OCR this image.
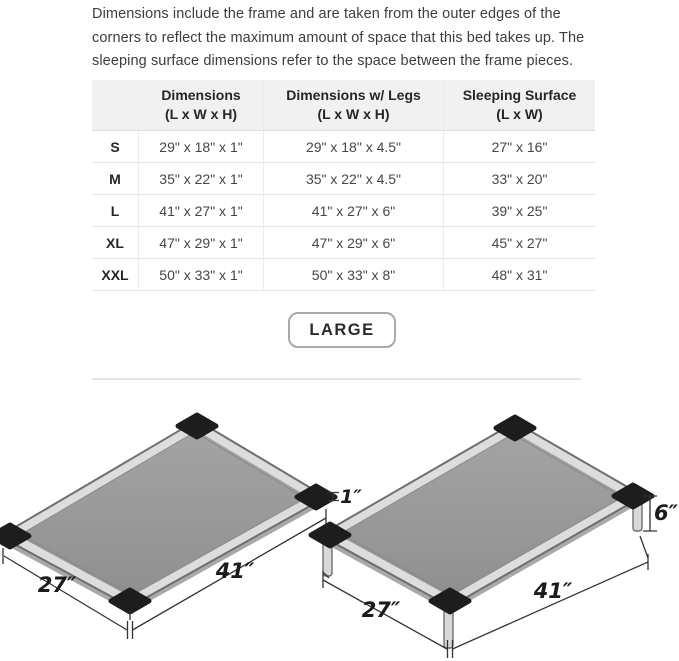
Dimensions include the frame and are taken from the outer edges of the corners to reflect the maximum amount of space that this bed takes up. The sleeping surface dimensions refer to the space between the frame pieces.

Dimensions
(L x W x H)
Dimensions w/ Legs
(L x W x H)
Sleeping Surface
(L x W)
S	29" x 18" x 1"	29" x 18" x 4.5"	27" x 16"
M	35" x 22" x 1"	35" x 22" x 4.5"	33" x 20"
L	41" x 27" x 1"	41" x 27" x 6"	39" x 25"
XL	47" x 29" x 1"	47" x 29" x 6"	45" x 27"
XXL	50" x 33" x 1"	50" x 33" x 8"	48" x 31"
LARGE
27″
41″
1″
27″
41″
6″
